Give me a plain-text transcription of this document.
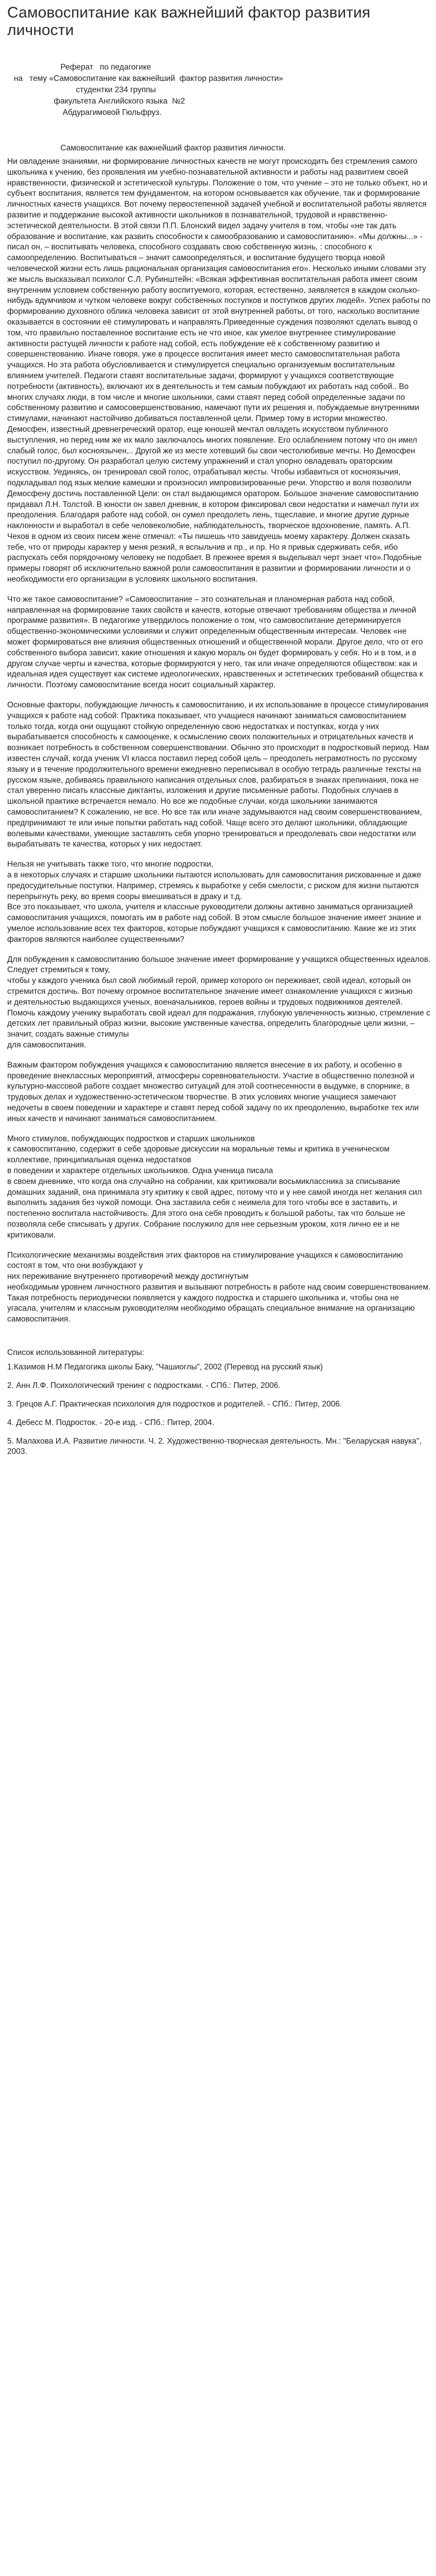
Самовоспитание как важнейший фактор развития личности
Реферат   по педагогике
на   тему «Самовоспитание как важнейший  фактор развития личности»
студентки 234 группы
факультета Английского языка  №2
Абдурагимовой Гюльфруз.
Самовоспитание как важнейший фактор развития личности.

Ни овладение знаниями, ни формирование личностных качеств не могут происходить без стремления самого школьника к учению, без проявления им учебно-познавательной активности и работы над развитием своей нравственности, физической и эстетической культуры. Положение о том, что учение – это не только объект, но и субъект воспитания, является тем фундаментом, на котором основывается как обучение, так и формирование личностных качеств учащихся. Вот почему первостепенной задачей учебной и воспитательной работы является развитие и поддержание высокой активности школьников в познавательной, трудовой и нравственно-эстетической деятельности. В этой связи П.П. Блонский видел задачу учителя в том, чтобы «не так дать образование и воспитание, как развить способности к самообразованию и самовоспитанию». «Мы должны...» - писал он, – воспитывать человека, способного создавать свою собственную жизнь, : способного к самоопределению. Воспитываться – значит самоопределяться, и воспитание будущего творца новой человеческой жизни есть лишь рациональная организация самовоспитания его». Несколько иными словами эту же мысль высказывал психолог С.Л. Рубинштейн: «Всякая эффективная воспитательная работа имеет своим внутренним условием собственную работу воспитуемого, которая, естественно, заявляется в каждом сколько-нибудь вдумчивом и чутком человеке вокруг собственных поступков и поступков других людей». Успех работы по формированию духовного облика человека зависит от этой внутренней работы, от того, насколько воспитание оказывается в состоянии её стимулировать и направлять.Приведенные суждения позволяют сделать вывод о том, что правильно поставленное воспитание есть не что иное, как умелое внутреннее стимулирование активности растущей личности к работе над собой, есть побуждение её к собственному развитию и совершенствованию. Иначе говоря, уже в процессе воспитания имеет место самовоспитательная работа учащихся. Но эта работа обусловливается и стимулируется специально организуемым воспитательным влиянием учителей. Педагоги ставят воспитательные задачи, формируют у учащихся соответствующие потребности (активность), включают их в деятельность и тем самым побуждают их работать над собой.. Во многих случаях люди, в том числе и многие школьники, сами ставят перед собой определенные задачи по собственному развитию и самосовершенствованию, намечают пути их решения и, побуждаемые внутренними стимулами, начинают настойчиво добиваться поставленной цели. Пример тому в истории множество. Демосфен, известный древнегреческий оратор, еще юношей мечтал овладеть искусством публичного выступления, но перед ним же их мало заключалось многих появление. Его ослаблением потому что он имел слабый голос, был косноязычен,.. Другой же из месте хотевший бы свои честолюбивые мечты. Но Демосфен поступил по-другому. Он разработал целую систему упражнений и стал упорно овладевать ораторским искусством. Уединясь, он тренировал свой голос, отрабатывал жесты. Чтобы избавиться от косноязычия, подкладывал под язык мелкие камешки и произносил импровизированные речи. Упорство и воля позволили Демосфену достичь поставленной Цели: он стал выдающимся оратором. Большое значение самовоспитанию придавал Л.Н. Толстой. В юности он завел дневник, в котором фиксировал свои недостатки и намечал пути их преодоления. Благодаря работе над собой, он сумел преодолеть лень, тщеславие, и многие другие дурные наклонности и выработал в себе человеколюбие, наблюдательность, творческое вдохновение, память. А.П. Чехов в одном из своих писем жене отмечал: «Ты пишешь что завидуешь моему характеру. Должен сказать тебе, что от природы характер у меня резкий, я вспыльчив и пр., и пр. Но я привык сдерживать себя, ибо распускать себя порядочному человеку не подобает. В прежнее время я выделывал черт знает что».Подобные примеры говорят об исключительно важной роли самовоспитания в развитии и формировании личности и о необходимости его организации в условиях школьного воспитания.

Что же такое самовоспитание? «Самовоспитание – это сознательная и планомерная работа над собой, направленная на формирование таких свойств и качеств, которые отвечают требованиям общества и личной программе развития». В педагогике утвердилось положение о том, что самовоспитание детерминируется общественно-экономическими условиями и служит определенным общественным интересам. Человек «не может формироваться вне влияния общественных отношений и общественной морали. Другое дело, что от его собственного выбора зависит, какие отношения и какую мораль он будет формировать у себя. Но и в том, и в другом случае черты и качества, которые формируются у него, так или иначе определяются обществом: как и идеальная идея существует как системе идеологических, нравственных и эстетических требований общества к личности. Поэтому самовоспитание всегда носит социальный характер.

Основные факторы, побуждающие личность к самовоспитанию, и их использование в процессе стимулирования учащихся к работе над собой: Практика показывает, что учащиеся начинают заниматься самовоспитанием только тогда, когда они ощущают стойкую определенную свою недостатках и поступках, когда у них вырабатывается способность к самооценке, к осмыслению своих положительных и отрицательных качеств и возникает потребность в собственном совершенствовании. Обычно это происходит в подростковый период. Нам известен случай, когда ученик VI класса поставил перед собой цель – преодолеть неграмотность по русскому языку и в течение продолжительного времени ежедневно переписывал в особую тетрадь различные тексты на русском языке, добиваясь правильного написания отдельных слов, разбираться в знаках препинания, пока не стал уверенно писать классные диктанты, изложения и другие письменные работы. Подобных случаев в школьной практике встречается немало. Но все же подобные случаи, когда школьники занимаются самовоспитанием? К сожалению, не все. Но все так или иначе задумываются над своим совершенствованием, предпринимают те или иные попытки работать над собой. Чаще всего это делают школьники, обладающие волевыми качествами, умеющие заставлять себя упорно тренироваться и преодолевать свои недостатки или вырабатывать те качества, которых у них недостает.

Нельзя не учитывать также того, что многие подростки,
а в некоторых случаях и старшие школьники пытаются использовать для самовоспитания рискованные и даже предосудительные поступки. Например, стремясь к выработке у себя смелости, с риском для жизни пытаются перепрыгнуть реку, во время сооры вмешиваться в драку и т.д.
Все это показывает, что школа, учителя и классные руководители должны активно заниматься организацией самовоспитания учащихся, помогать им в работе над собой. В этом смысле большое значение имеет знание и умелое использование всех тех факторов, которые побуждают учащихся к самовоспитанию. Какие же из этих факторов являются наиболее существенными?

Для побуждения к самовоспитанию большое значение имеет формирование у учащихся общественных идеалов. Следует стремиться к тому,
чтобы у каждого ученика был свой любимый герой, пример которого он переживает, свой идеал, который он стремится достичь. Вот почему огромное воспитательное значение имеет ознакомление учащихся с жизнью
и деятельностью выдающихся ученых, военачальников, героев войны и трудовых подвижников деятелей. Помочь каждому ученику выработать свой идеал для подражания, глубокую увлеченность жизнью, стремление с детских лет правильный образ жизни, высокие умственные качества, определить благородные цели жизни, – значит, создать важные стимулы
для самовоспитания.

Важным фактором побуждения учащихся к самовоспитанию является внесение в их работу, и особенно в проведение внеклассных мероприятий, атмосферы соревновательности. Участие в общественно полезной и культурно-массовой работе создает множество ситуаций для этой соотнесенности в выдумке, в спорнике, в трудовых делах и художественно-эстетическом творчестве. В этих условиях многие учащиеся замечают недочеты в своем поведении и характере и ставят перед собой задачу по их преодолению, выработке тех или иных качеств и начинают заниматься самовоспитанием.

Много стимулов, побуждающих подростков и старших школьников
к самовоспитанию, содержит в себе здоровые дискуссии на моральные темы и критика в ученическом коллективе, принципиальная оценка недостатков
в поведении и характере отдельных школьников. Одна ученица писала
в своем дневнике, что когда она случайно на собрании, как критиковали восьмиклассника за списывание домашних заданий, она принимала эту критику к свой адрес, потому что и у нее самой иногда нет желания сил выполнить задания без чужой помощи. Она заставила себя с неимела для того чтобы все в заставить, и постепенно воспитала настойчивость. Для этого она себя проводить к большой работы, так что больше не позволяла себе списывать у других. Собрание послужило для нее серьезным уроком, хотя лично ее и не критиковали.

Психологические механизмы воздействия этих факторов на стимулирование учащихся к самовоспитанию состоят в том, что они возбуждают у
них переживание внутреннего противоречий между достигнутым
необходимым уровнем личностного развития и вызывают потребность в работе над своим совершенствованием. Такая потребность периодически появляется у каждого подростка и старшего школьника и, чтобы она не угасала, учителям и классным руководителям необходимо обращать специальное внимание на организацию самовоспитания.

Список использованной литературы:
1.Казимов Н.М Педагогика школы Баку, "Чашиоглы", 2002 (Перевод на русский язык)
2. Анн Л.Ф. Психологический тренинг с подростками. - СПб.: Питер, 2006.
3. Грецов А.Г. Практическая психология для подростков и родителей. - СПб.: Питер, 2006.
4. Дебесс М. Подросток. - 20-е изд. - СПб.: Питер, 2004.
5. Малахова И.А. Развитие личности. Ч. 2. Художественно-творческая деятельность. Мн.: "Беларуская навука", 2003.
